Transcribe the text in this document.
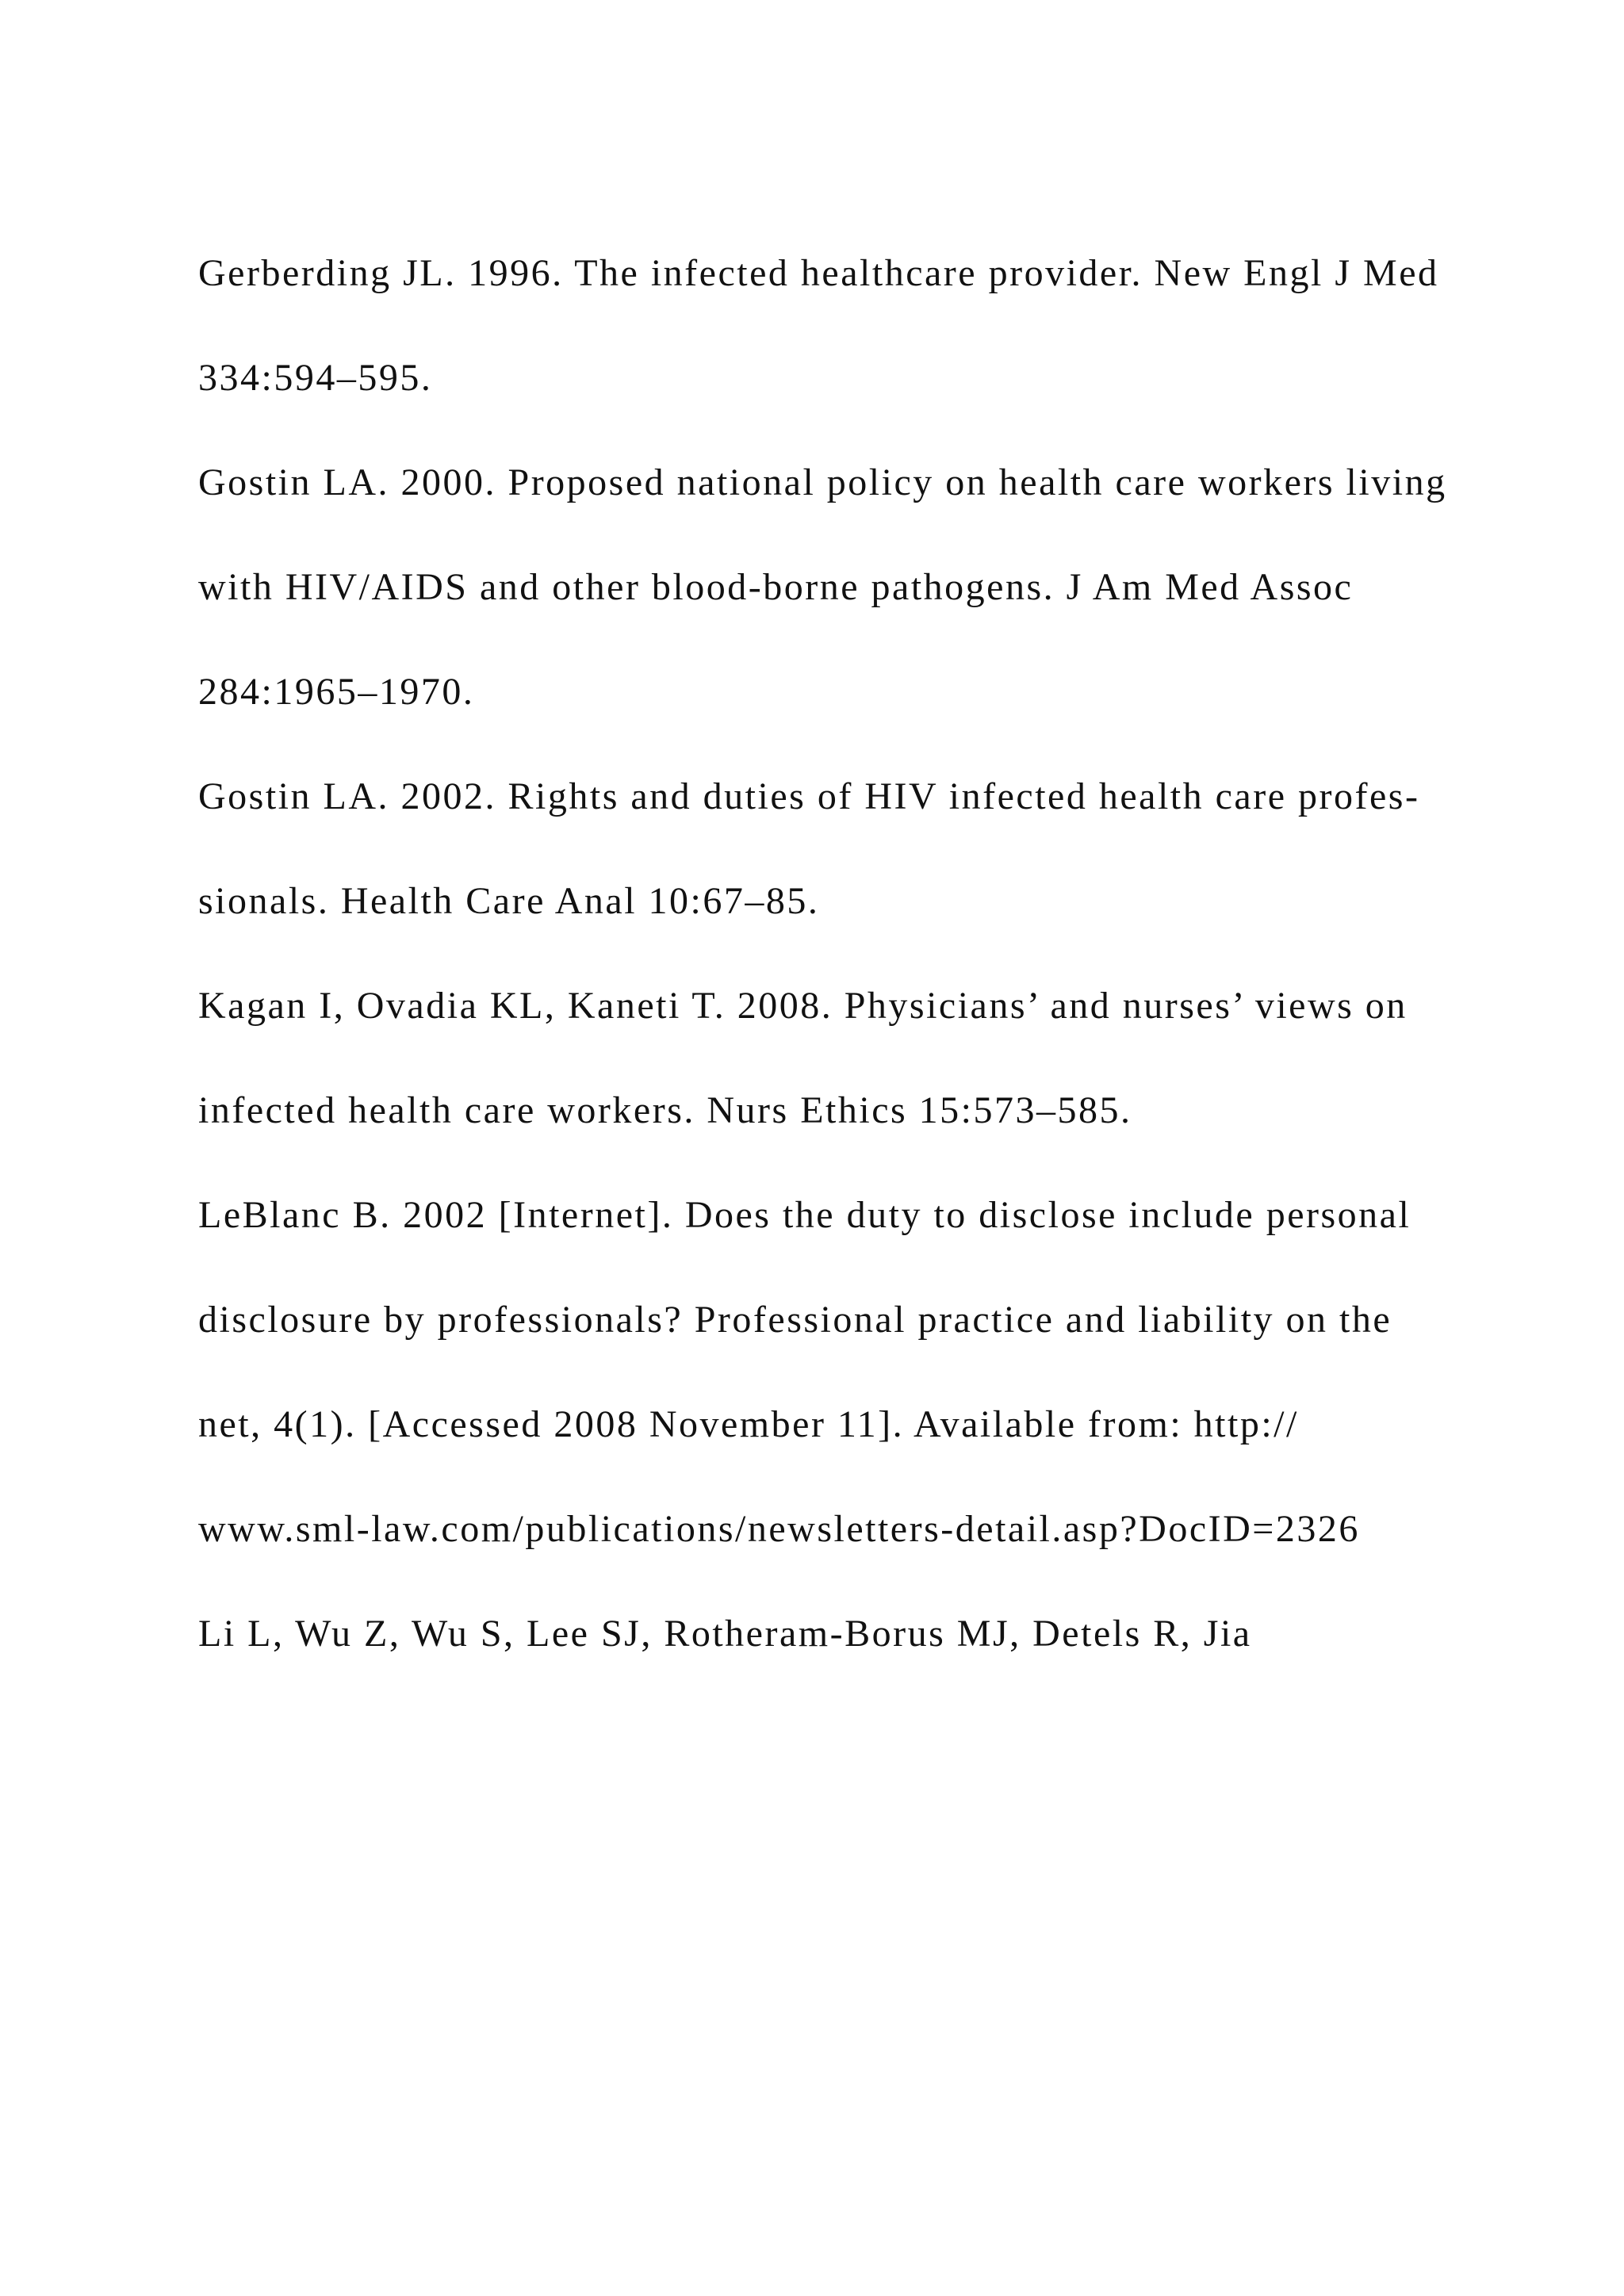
Gerberding JL. 1996. The infected healthcare provider. New Engl J Med

334:594–595.

Gostin LA. 2000. Proposed national policy on health care workers living

with HIV/AIDS and other blood-borne pathogens. J Am Med Assoc

284:1965–1970.

Gostin LA. 2002. Rights and duties of HIV infected health care profes-

sionals. Health Care Anal 10:67–85.

Kagan I, Ovadia KL, Kaneti T. 2008. Physicians’ and nurses’ views on

infected health care workers. Nurs Ethics 15:573–585.

LeBlanc B. 2002 [Internet]. Does the duty to disclose include personal

disclosure by professionals? Professional practice and liability on the

net, 4(1). [Accessed 2008 November 11]. Available from: http://

www.sml-law.com/publications/newsletters-detail.asp?DocID=2326

Li L, Wu Z, Wu S, Lee SJ, Rotheram-Borus MJ, Detels R, Jia
